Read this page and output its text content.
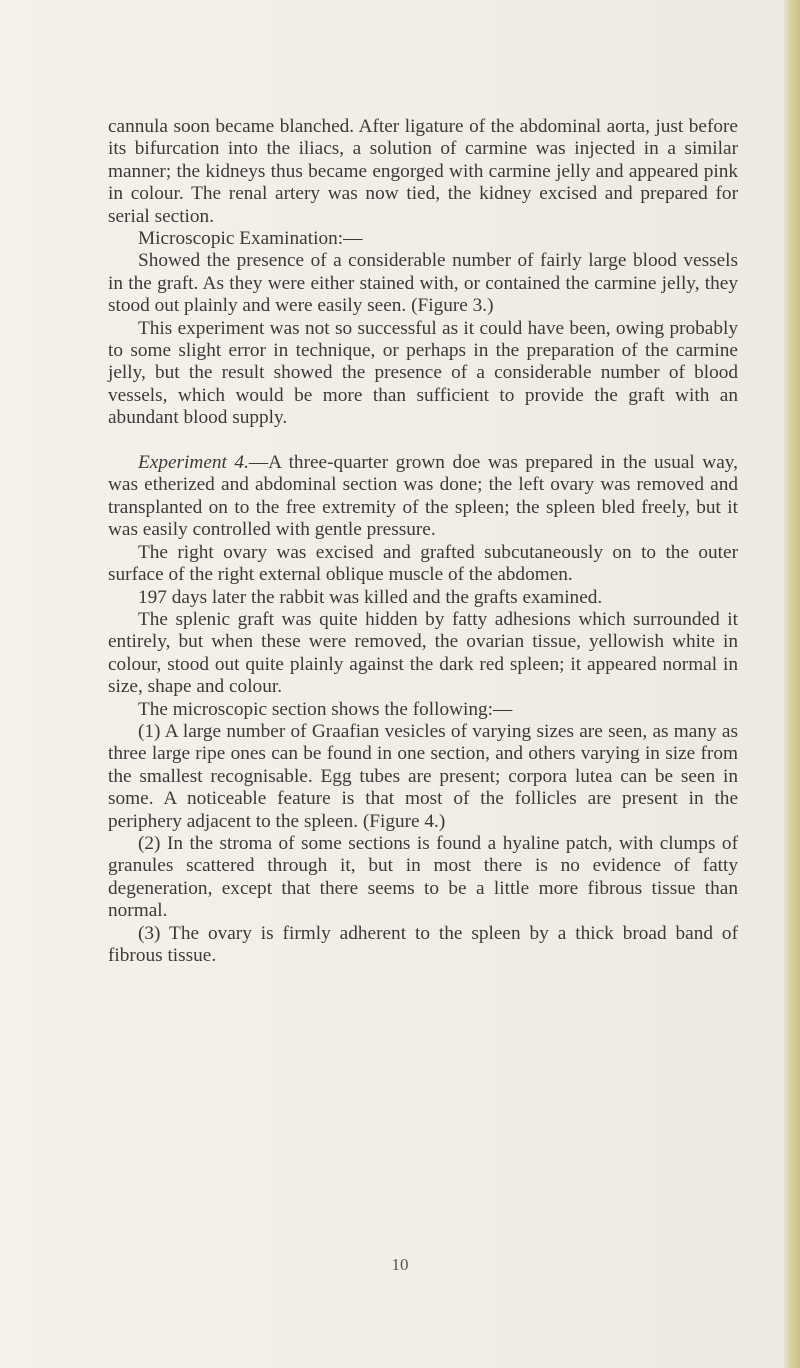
cannula soon became blanched. After ligature of the abdominal aorta, just before its bifurcation into the iliacs, a solution of carmine was injected in a similar manner; the kidneys thus became engorged with carmine jelly and appeared pink in colour. The renal artery was now tied, the kidney excised and prepared for serial section.

Microscopic Examination:—

Showed the presence of a considerable number of fairly large blood vessels in the graft. As they were either stained with, or contained the carmine jelly, they stood out plainly and were easily seen. (Figure 3.)

This experiment was not so successful as it could have been, owing probably to some slight error in technique, or perhaps in the preparation of the carmine jelly, but the result showed the presence of a considerable number of blood vessels, which would be more than sufficient to provide the graft with an abundant blood supply.

Experiment 4.—A three-quarter grown doe was prepared in the usual way, was etherized and abdominal section was done; the left ovary was removed and transplanted on to the free extremity of the spleen; the spleen bled freely, but it was easily controlled with gentle pressure.

The right ovary was excised and grafted subcutaneously on to the outer surface of the right external oblique muscle of the abdomen.

197 days later the rabbit was killed and the grafts examined.

The splenic graft was quite hidden by fatty adhesions which surrounded it entirely, but when these were removed, the ovarian tissue, yellowish white in colour, stood out quite plainly against the dark red spleen; it appeared normal in size, shape and colour.

The microscopic section shows the following:—

(1) A large number of Graafian vesicles of varying sizes are seen, as many as three large ripe ones can be found in one section, and others varying in size from the smallest recognisable. Egg tubes are present; corpora lutea can be seen in some. A noticeable feature is that most of the follicles are present in the periphery adjacent to the spleen. (Figure 4.)

(2) In the stroma of some sections is found a hyaline patch, with clumps of granules scattered through it, but in most there is no evidence of fatty degeneration, except that there seems to be a little more fibrous tissue than normal.

(3) The ovary is firmly adherent to the spleen by a thick broad band of fibrous tissue.

10
